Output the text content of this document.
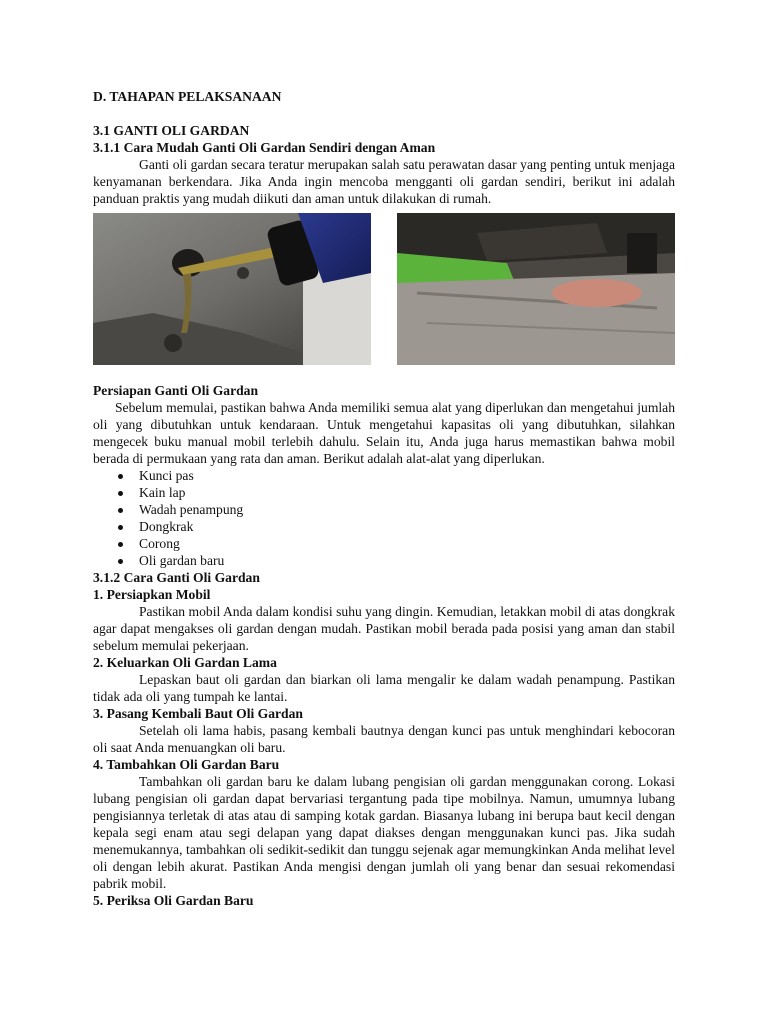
D. TAHAPAN PELAKSANAAN
3.1 GANTI OLI GARDAN
3.1.1 Cara Mudah Ganti Oli Gardan Sendiri dengan Aman

Ganti oli gardan secara teratur merupakan salah satu perawatan dasar yang penting untuk menjaga kenyamanan berkendara. Jika Anda ingin mencoba mengganti oli gardan sendiri, berikut ini adalah panduan praktis yang mudah diikuti dan aman untuk dilakukan di rumah.

Persiapan Ganti Oli Gardan

Sebelum memulai, pastikan bahwa Anda memiliki semua alat yang diperlukan dan mengetahui jumlah oli yang dibutuhkan untuk kendaraan. Untuk mengetahui kapasitas oli yang dibutuhkan, silahkan mengecek buku manual mobil terlebih dahulu. Selain itu, Anda juga harus memastikan bahwa mobil berada di permukaan yang rata dan aman. Berikut adalah alat-alat yang diperlukan.

Kunci pas
Kain lap
Wadah penampung
Dongkrak
Corong
Oli gardan baru
3.1.2 Cara Ganti Oli Gardan
1. Persiapkan Mobil

Pastikan mobil Anda dalam kondisi suhu yang dingin. Kemudian, letakkan mobil di atas dongkrak agar dapat mengakses oli gardan dengan mudah. Pastikan mobil berada pada posisi yang aman dan stabil sebelum memulai pekerjaan.

2. Keluarkan Oli Gardan Lama

Lepaskan baut oli gardan dan biarkan oli lama mengalir ke dalam wadah penampung. Pastikan tidak ada oli yang tumpah ke lantai.

3. Pasang Kembali Baut Oli Gardan

Setelah oli lama habis, pasang kembali bautnya dengan kunci pas untuk menghindari kebocoran oli saat Anda menuangkan oli baru.

4. Tambahkan Oli Gardan Baru

Tambahkan oli gardan baru ke dalam lubang pengisian oli gardan menggunakan corong. Lokasi lubang pengisian oli gardan dapat bervariasi tergantung pada tipe mobilnya. Namun, umumnya lubang pengisiannya terletak di atas atau di samping kotak gardan. Biasanya lubang ini berupa baut kecil dengan kepala segi enam atau segi delapan yang dapat diakses dengan menggunakan kunci pas. Jika sudah menemukannya, tambahkan oli sedikit-sedikit dan tunggu sejenak agar memungkinkan Anda melihat level oli dengan lebih akurat. Pastikan Anda mengisi dengan jumlah oli yang benar dan sesuai rekomendasi pabrik mobil.

5. Periksa Oli Gardan Baru
